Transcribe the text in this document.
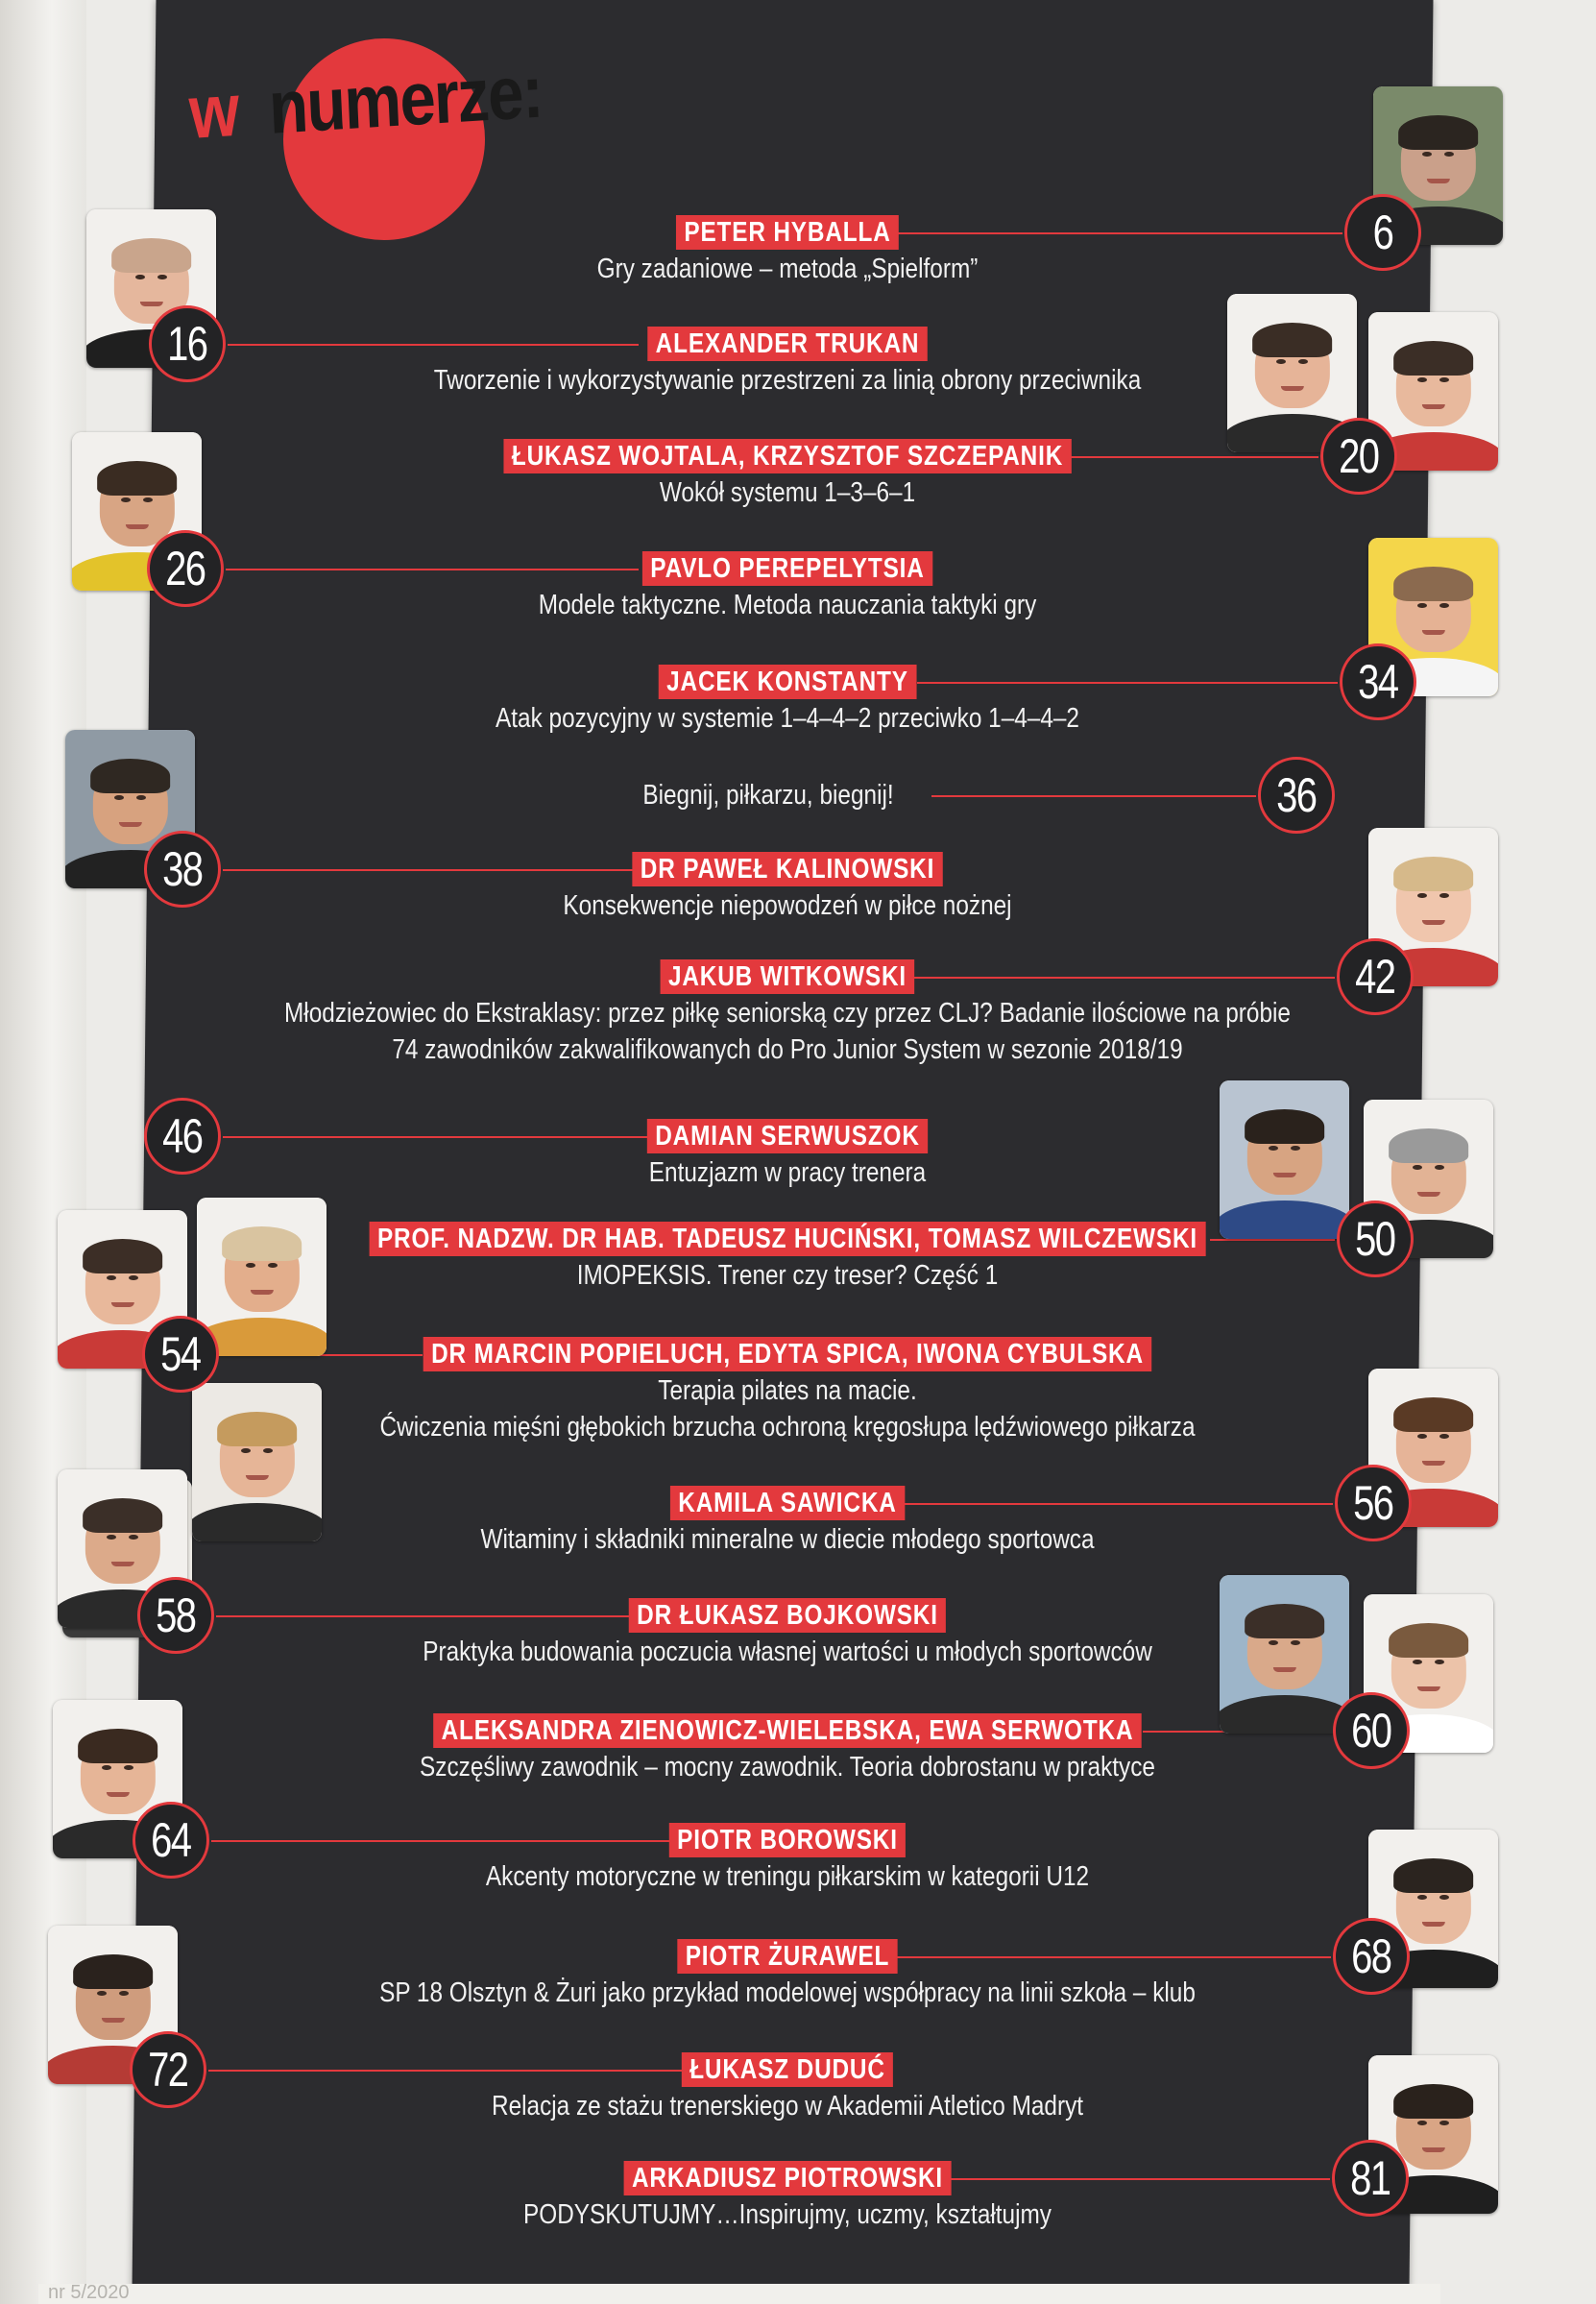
w numerze:
PETER HYBALLA
Gry zadaniowe – metoda „Spielform”
6
ALEXANDER TRUKAN
Tworzenie i wykorzystywanie przestrzeni za linią obrony przeciwnika
16
ŁUKASZ WOJTALA, KRZYSZTOF SZCZEPANIK
Wokół systemu 1–3–6–1
20
PAVLO PEREPELYTSIA
Modele taktyczne. Metoda nauczania taktyki gry
26
JACEK KONSTANTY
Atak pozycyjny w systemie 1–4–4–2 przeciwko 1–4–4–2
34
Biegnij, piłkarzu, biegnij!	36
DR PAWEŁ KALINOWSKI
Konsekwencje niepowodzeń w piłce nożnej
38
JAKUB WITKOWSKI
Młodzieżowiec do Ekstraklasy: przez piłkę seniorską czy przez CLJ? Badanie ilościowe na próbie
74 zawodników zakwalifikowanych do Pro Junior System w sezonie 2018/19
42
DAMIAN SERWUSZOK
Entuzjazm w pracy trenera
46
PROF. NADZW. DR HAB. TADEUSZ HUCIŃSKI, TOMASZ WILCZEWSKI
IMOPEKSIS. Trener czy treser? Część 1
50
DR MARCIN POPIELUCH, EDYTA SPICA, IWONA CYBULSKA
Terapia pilates na macie.
Ćwiczenia mięśni głębokich brzucha ochroną kręgosłupa lędźwiowego piłkarza
54
KAMILA SAWICKA
Witaminy i składniki mineralne w diecie młodego sportowca
56
DR ŁUKASZ BOJKOWSKI
Praktyka budowania poczucia własnej wartości u młodych sportowców
58
ALEKSANDRA ZIENOWICZ-WIELEBSKA, EWA SERWOTKA
Szczęśliwy zawodnik – mocny zawodnik. Teoria dobrostanu w praktyce
60
PIOTR BOROWSKI
Akcenty motoryczne w treningu piłkarskim w kategorii U12
64
PIOTR ŻURAWEL
SP 18 Olsztyn & Żuri jako przykład modelowej współpracy na linii szkoła – klub
68
ŁUKASZ DUDUĆ
Relacja ze stażu trenerskiego w Akademii Atletico Madryt
72
ARKADIUSZ PIOTROWSKI
PODYSKUTUJMY…Inspirujmy, uczmy, kształtujmy
81
nr 5/2020
